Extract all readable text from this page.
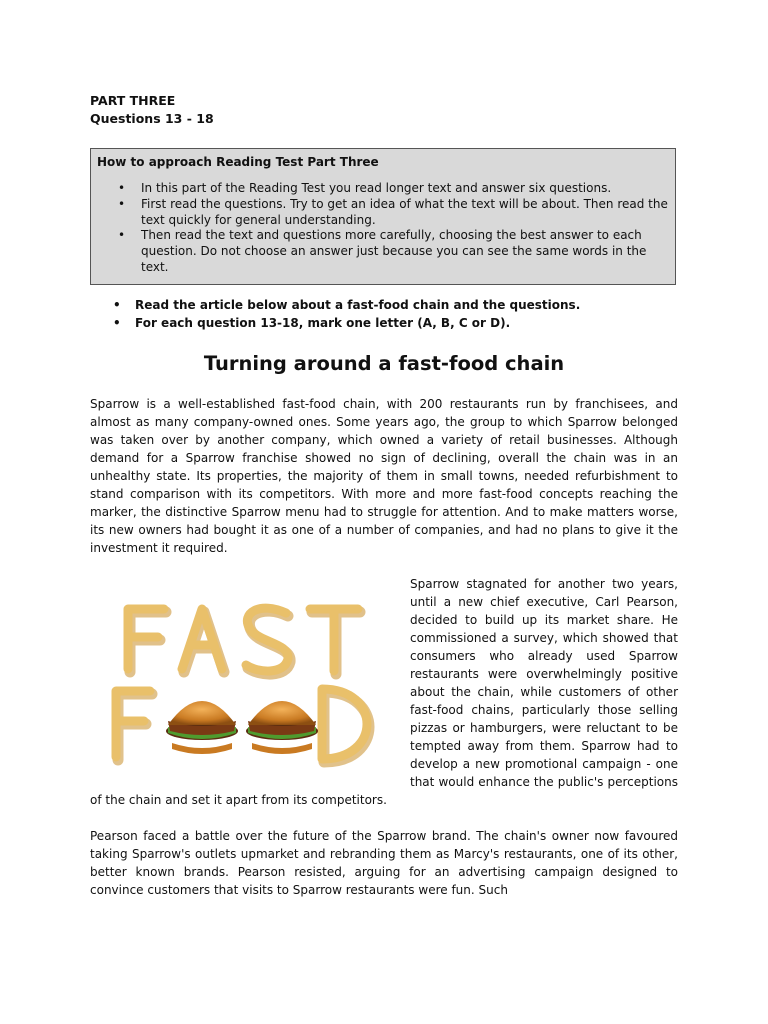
PART THREE
Questions 13 - 18
How to approach Reading Test Part Three
• In this part of the Reading Test you read longer text and answer six questions.
• First read the questions. Try to get an idea of what the text will be about. Then read the text quickly for general understanding.
• Then read the text and questions more carefully, choosing the best answer to each question. Do not choose an answer just because you can see the same words in the text.
• Read the article below about a fast-food chain and the questions.
• For each question 13-18, mark one letter (A, B, C or D).
Turning around a fast-food chain

Sparrow is a well-established fast-food chain, with 200 restaurants run by franchisees, and almost as many company-owned ones. Some years ago, the group to which Sparrow belonged was taken over by another company, which owned a variety of retail businesses. Although demand for a Sparrow franchise showed no sign of declining, overall the chain was in an unhealthy state. Its properties, the majority of them in small towns, needed refurbishment to stand comparison with its competitors. With more and more fast-food concepts reaching the marker, the distinctive Sparrow menu had to struggle for attention. And to make matters worse, its new owners had bought it as one of a number of companies, and had no plans to give it the investment it required.

Sparrow stagnated for another two years, until a new chief executive, Carl Pearson, decided to build up its market share. He commissioned a survey, which showed that consumers who already used Sparrow restaurants were overwhelmingly positive about the chain, while customers of other fast-food chains, particularly those selling pizzas or hamburgers, were reluctant to be tempted away from them. Sparrow had to develop a new promotional campaign - one that would enhance the public's perceptions of the chain and set it apart from its competitors.

Pearson faced a battle over the future of the Sparrow brand. The chain's owner now favoured taking Sparrow's outlets upmarket and rebranding them as Marcy's restaurants, one of its other, better known brands. Pearson resisted, arguing for an advertising campaign designed to convince customers that visits to Sparrow restaurants were fun. Such
